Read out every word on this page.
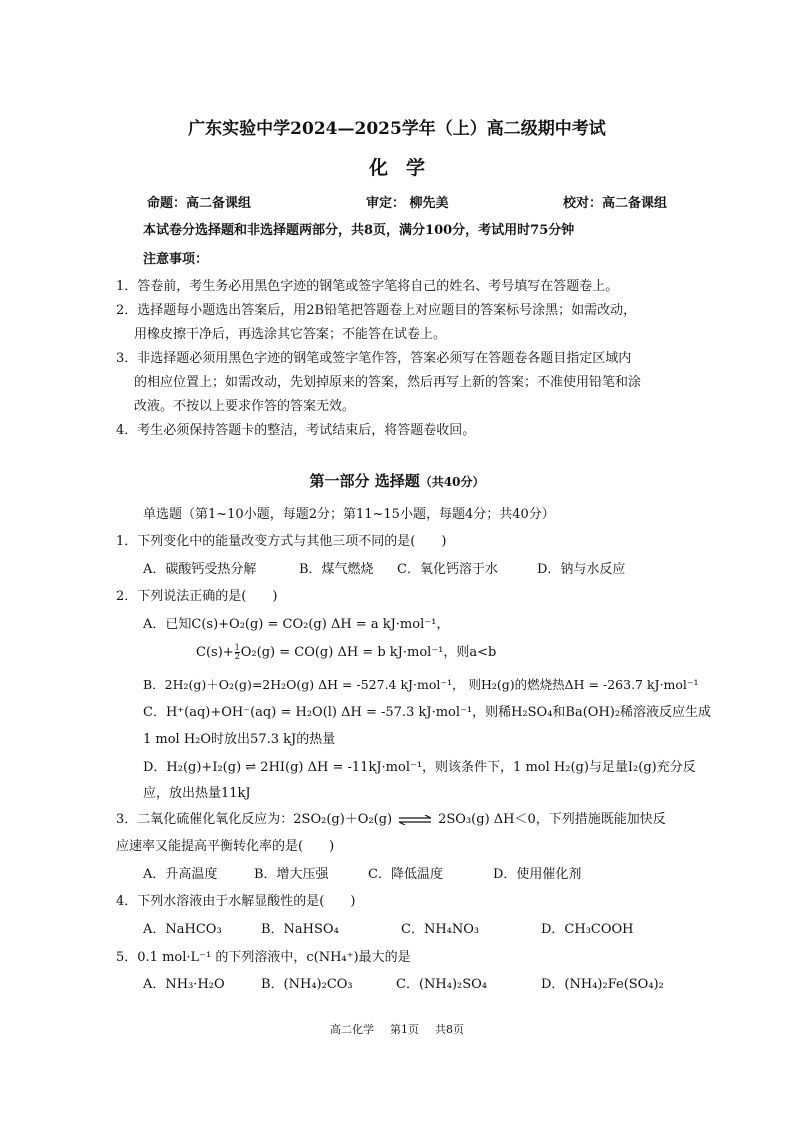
广东实验中学2024—2025学年（上）高二级期中考试
化学
命题：高二备课组	审定： 柳先美	校对：高二备课组
本试卷分选择题和非选择题两部分，共8页，满分100分，考试用时75分钟
注意事项：
1．答卷前，考生务必用黑色字迹的钢笔或签字笔将自己的姓名、考号填写在答题卷上。
2．选择题每小题选出答案后，用2B铅笔把答题卷上对应题目的答案标号涂黑；如需改动，
用橡皮擦干净后，再选涂其它答案；不能答在试卷上。
3．非选择题必须用黑色字迹的钢笔或签字笔作答，答案必须写在答题卷各题目指定区域内
的相应位置上；如需改动，先划掉原来的答案，然后再写上新的答案；不准使用铅笔和涂
改液。不按以上要求作答的答案无效。
4．考生必须保持答题卡的整洁，考试结束后，将答题卷收回。
第一部分 选择题（共40分）
单选题（第1~10小题，每题2分；第11~15小题，每题4分；共40分）
1．下列变化中的能量改变方式与其他三项不同的是(　　)
A．碳酸钙受热分解	B．煤气燃烧 C．氧化钙溶于水	D．钠与水反应
2．下列说法正确的是(　　)
A．已知C(s)+O₂(g) = CO₂(g) ΔH = a kJ·mol⁻¹，
$C(s)+ \frac{1}{2} O_2(g) = CO(g) \Delta H = b$ kJ·mol⁻¹，则a<b
B．2H₂(g)＋O₂(g)=2H₂O(g) ΔH = -527.4 kJ·mol⁻¹， 则H₂(g)的燃烧热ΔH = -263.7 kJ·mol⁻¹
C．H⁺(aq)+OH⁻(aq) = H₂O(l) ΔH = -57.3 kJ·mol⁻¹，则稀H₂SO₄和Ba(OH)₂稀溶液反应生成
1 mol H₂O时放出57.3 kJ的热量
D．H₂(g)+I₂(g) ⇌ 2HI(g) ΔH = -11kJ·mol⁻¹，则该条件下，1 mol H₂(g)与足量I₂(g)充分反
应，放出热量11kJ
3．二氧化硫催化氧化反应为：2SO₂(g)＋O₂(g) ⇌ 2SO₃(g) ΔH＜0，下列措施既能加快反
应速率又能提高平衡转化率的是(　　)
A．升高温度	B．增大压强	C．降低温度	D．使用催化剂
4．下列水溶液由于水解显酸性的是(　　)
A．NaHCO₃	B．NaHSO₄	C．NH₄NO₃	D．CH₃COOH
5．0.1 mol·L⁻¹ 的下列溶液中，c(NH₄⁺)最大的是
A．NH₃·H₂O	B．(NH₄)₂CO₃	C．(NH₄)₂SO₄	D．(NH₄)₂Fe(SO₄)₂
高二化学 第1页 共8页
